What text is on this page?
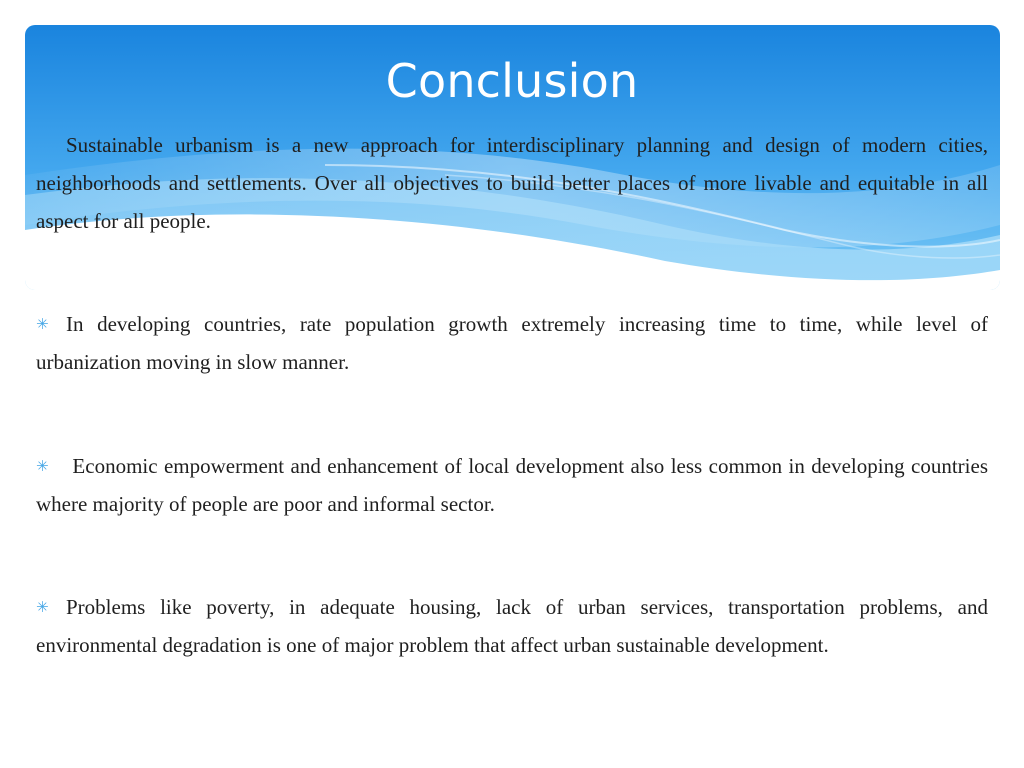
Conclusion

Sustainable urbanism is a new approach for interdisciplinary planning and design of modern cities, neighborhoods and settlements. Over all objectives to build better places of more livable and equitable in all aspect for all people.

✳ In developing countries, rate population growth extremely increasing time to time, while level of urbanization moving in slow manner.

✳ Economic empowerment and enhancement of local development also less common in developing countries where majority of people are poor and informal sector.

✳ Problems like poverty, in adequate housing, lack of urban services, transportation problems, and environmental degradation is one of major problem that affect urban sustainable development.
